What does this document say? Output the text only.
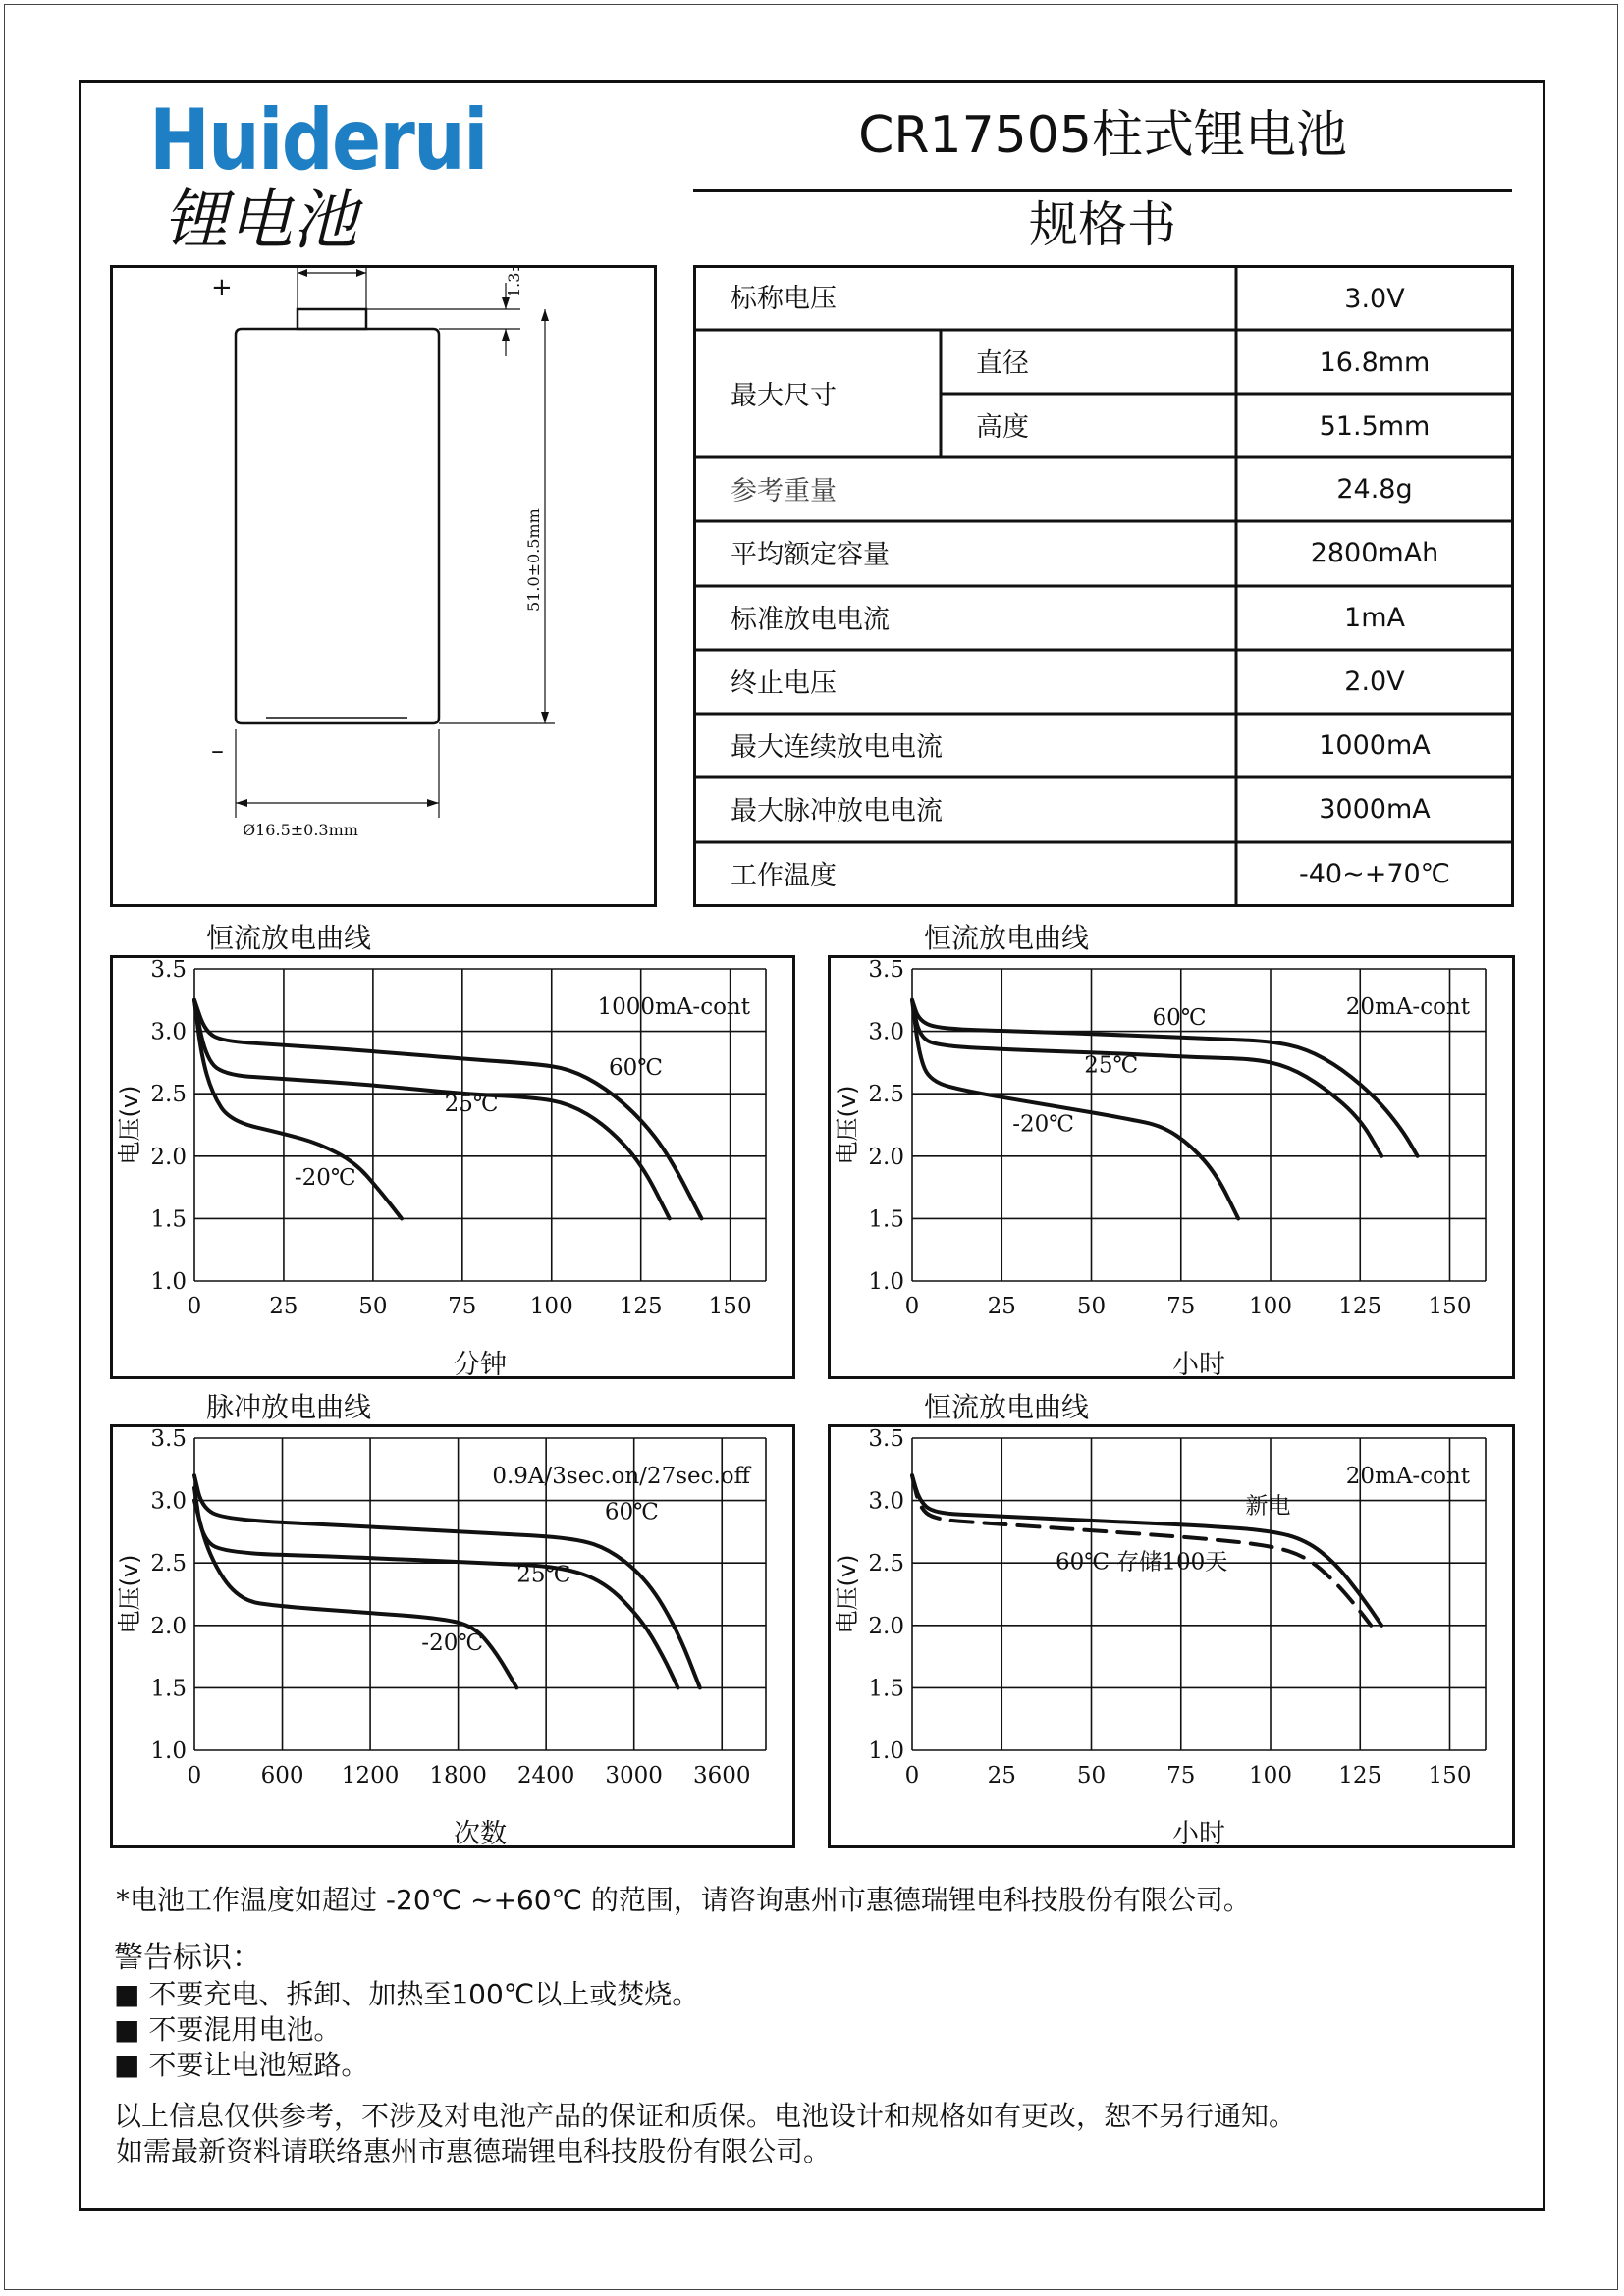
Huiderui
锂电池
CR17505柱式锂电池
规格书
51.0±0.5mm
Ø16.5±0.3mm
+
–
标称电压	3.0V
最大尺寸
直径	16.8mm
高度	51.5mm
参考重量	24.8g
平均额定容量	2800mAh
标准放电电流	1mA
终止电压	2.0V
最大连续放电电流	1000mA
最大脉冲放电电流	3000mA
工作温度	-40~+70℃
恒流放电曲线	恒流放电曲线
脉冲放电曲线	恒流放电曲线
0	25	50	75 100 125 150
1.0
1.5
2.0
2.5
3.0
3.5
分钟
电压(v)
1000mA-cont
60℃
25℃
-20℃
0	25	50	75 100 125 150
1.0
1.5
2.0
2.5
3.0
3.5
小时
电压(v)
20mA-cont
60℃
25℃
-20℃
0	600 1200 1800 2400 3000 3600
1.0
1.5
2.0
2.5
3.0
3.5
次数
电压(v)
0.9A/3sec.on/27sec.off
60℃
25℃
-20℃
0	25	50	75 100 125 150
1.0
1.5
2.0
2.5
3.0
3.5
小时
电压(v)
20mA-cont
新电
60℃ 存储100天
*电池工作温度如超过 -20℃ ~+60℃ 的范围，请咨询惠州市惠德瑞锂电科技股份有限公司。
警告标识：
■ 不要充电、拆卸、加热至100℃以上或焚烧。
■ 不要混用电池。
■ 不要让电池短路。
以上信息仅供参考，不涉及对电池产品的保证和质保。电池设计和规格如有更改，恕不另行通知。
如需最新资料请联络惠州市惠德瑞锂电科技股份有限公司。
